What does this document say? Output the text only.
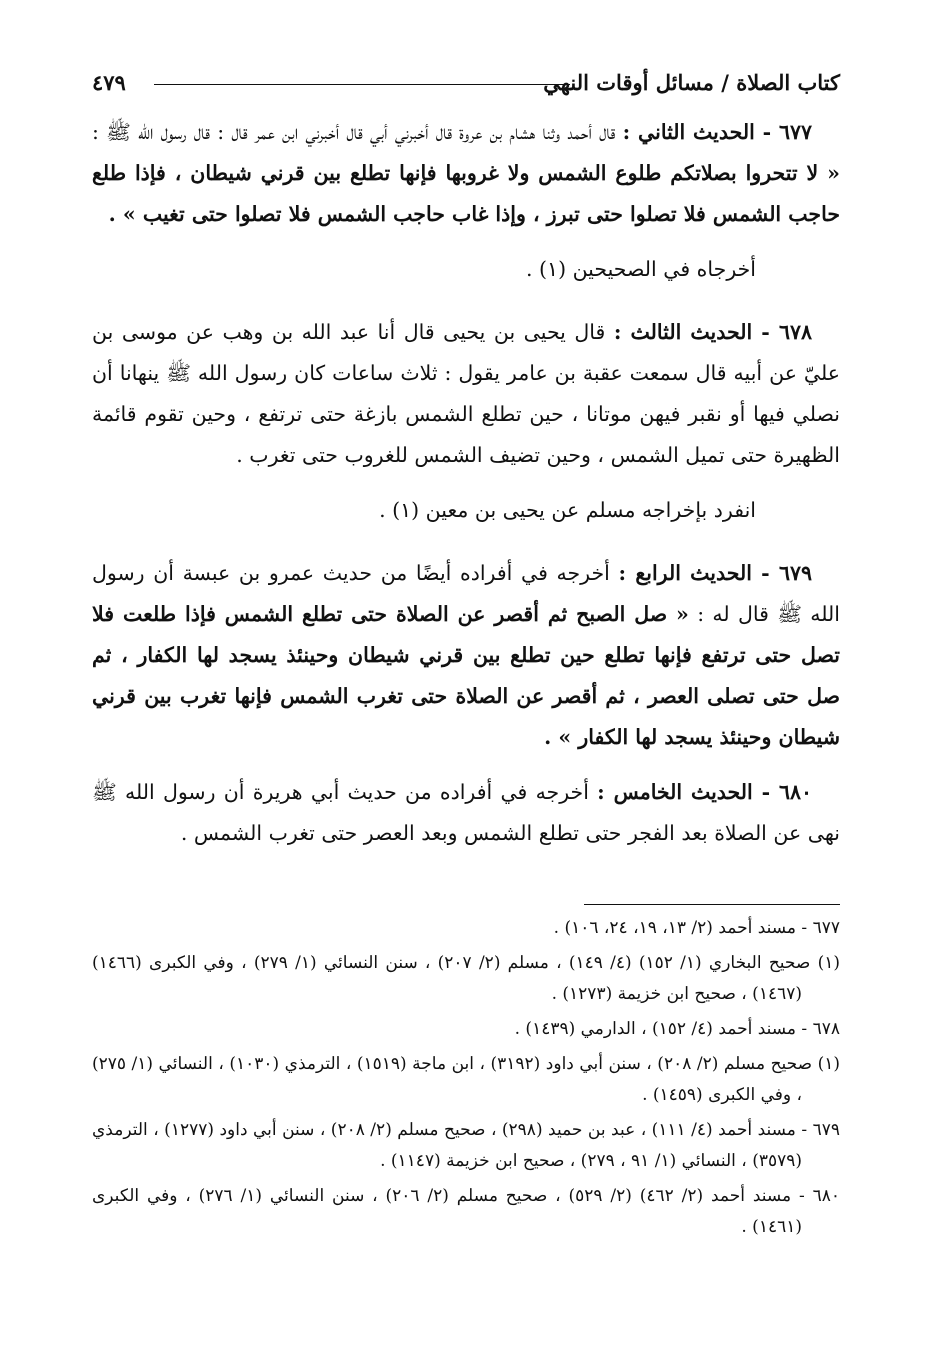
كتاب الصلاة / مسائل أوقات النهي
٤٧٩

٦٧٧ - الحديث الثاني : قال أحمد وثنا هشام بن عروة قال أخبرني أبي قال أخبرني ابن عمر قال : قال رسول الله ﷺ : « لا تتحروا بصلاتكم طلوع الشمس ولا غروبها فإنها تطلع بين قرني شيطان ، فإذا طلع حاجب الشمس فلا تصلوا حتى تبرز ، وإذا غاب حاجب الشمس فلا تصلوا حتى تغيب » .

أخرجاه في الصحيحين (١) .

٦٧٨ - الحديث الثالث : قال يحيى بن يحيى قال أنا عبد الله بن وهب عن موسى بن عليّ عن أبيه قال سمعت عقبة بن عامر يقول : ثلاث ساعات كان رسول الله ﷺ ينهانا أن نصلي فيها أو نقبر فيهن موتانا ، حين تطلع الشمس بازغة حتى ترتفع ، وحين تقوم قائمة الظهيرة حتى تميل الشمس ، وحين تضيف الشمس للغروب حتى تغرب .

انفرد بإخراجه مسلم عن يحيى بن معين (١) .

٦٧٩ - الحديث الرابع : أخرجه في أفراده أيضًا من حديث عمرو بن عبسة أن رسول الله ﷺ قال له : « صل الصبح ثم أقصر عن الصلاة حتى تطلع الشمس فإذا طلعت فلا تصل حتى ترتفع فإنها تطلع حين تطلع بين قرني شيطان وحينئذ يسجد لها الكفار ، ثم صل حتى تصلى العصر ، ثم أقصر عن الصلاة حتى تغرب الشمس فإنها تغرب بين قرني شيطان وحينئذ يسجد لها الكفار » .

٦٨٠ - الحديث الخامس : أخرجه في أفراده من حديث أبي هريرة أن رسول الله ﷺ نهى عن الصلاة بعد الفجر حتى تطلع الشمس وبعد العصر حتى تغرب الشمس .

٦٧٧ - مسند أحمد (٢/ ١٣، ١٩، ٢٤، ١٠٦) .

(١) صحيح البخاري (١/ ١٥٢) (٤/ ١٤٩) ، مسلم (٢/ ٢٠٧) ، سنن النسائي (١/ ٢٧٩) ، وفي الكبرى (١٤٦٦) (١٤٦٧) ، صحيح ابن خزيمة (١٢٧٣) .

٦٧٨ - مسند أحمد (٤/ ١٥٢) ، الدارمي (١٤٣٩) .

(١) صحيح مسلم (٢/ ٢٠٨) ، سنن أبي داود (٣١٩٢) ، ابن ماجة (١٥١٩) ، الترمذي (١٠٣٠) ، النسائي (١/ ٢٧٥) ، وفي الكبرى (١٤٥٩) .

٦٧٩ - مسند أحمد (٤/ ١١١) ، عبد بن حميد (٢٩٨) ، صحيح مسلم (٢/ ٢٠٨) ، سنن أبي داود (١٢٧٧) ، الترمذي (٣٥٧٩) ، النسائي (١/ ٩١ ، ٢٧٩) ، صحيح ابن خزيمة (١١٤٧) .

٦٨٠ - مسند أحمد (٢/ ٤٦٢) (٢/ ٥٢٩) ، صحيح مسلم (٢/ ٢٠٦) ، سنن النسائي (١/ ٢٧٦) ، وفي الكبرى (١٤٦١) .
